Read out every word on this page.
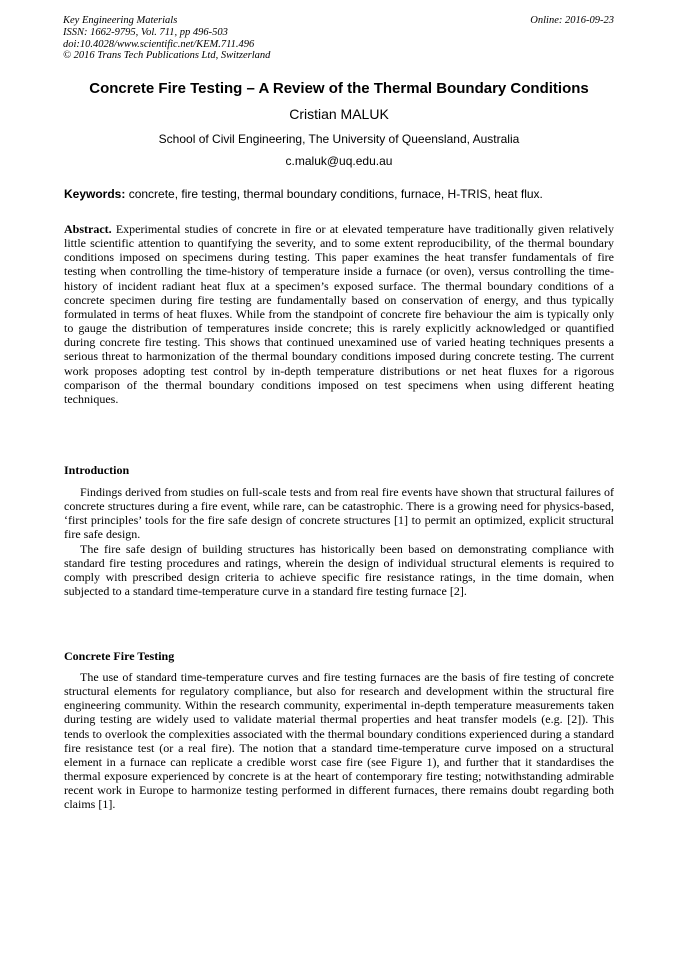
Key Engineering Materials
ISSN: 1662-9795, Vol. 711, pp 496-503
doi:10.4028/www.scientific.net/KEM.711.496
© 2016 Trans Tech Publications Ltd, Switzerland
Online: 2016-09-23
Concrete Fire Testing – A Review of the Thermal Boundary Conditions
Cristian MALUK
School of Civil Engineering, The University of Queensland, Australia
c.maluk@uq.edu.au
Keywords: concrete, fire testing, thermal boundary conditions, furnace, H-TRIS, heat flux.
Abstract. Experimental studies of concrete in fire or at elevated temperature have traditionally given relatively little scientific attention to quantifying the severity, and to some extent reproducibility, of the thermal boundary conditions imposed on specimens during testing. This paper examines the heat transfer fundamentals of fire testing when controlling the time-history of temperature inside a furnace (or oven), versus controlling the time-history of incident radiant heat flux at a specimen’s exposed surface. The thermal boundary conditions of a concrete specimen during fire testing are fundamentally based on conservation of energy, and thus typically formulated in terms of heat fluxes. While from the standpoint of concrete fire behaviour the aim is typically only to gauge the distribution of temperatures inside concrete; this is rarely explicitly acknowledged or quantified during concrete fire testing. This shows that continued unexamined use of varied heating techniques presents a serious threat to harmonization of the thermal boundary conditions imposed during concrete testing. The current work proposes adopting test control by in-depth temperature distributions or net heat fluxes for a rigorous comparison of the thermal boundary conditions imposed on test specimens when using different heating techniques.
Introduction

Findings derived from studies on full-scale tests and from real fire events have shown that structural failures of concrete structures during a fire event, while rare, can be catastrophic. There is a growing need for physics-based, ‘first principles’ tools for the fire safe design of concrete structures [1] to permit an optimized, explicit structural fire safe design.

The fire safe design of building structures has historically been based on demonstrating compliance with standard fire testing procedures and ratings, wherein the design of individual structural elements is required to comply with prescribed design criteria to achieve specific fire resistance ratings, in the time domain, when subjected to a standard time-temperature curve in a standard fire testing furnace [2].

Concrete Fire Testing

The use of standard time-temperature curves and fire testing furnaces are the basis of fire testing of concrete structural elements for regulatory compliance, but also for research and development within the structural fire engineering community. Within the research community, experimental in-depth temperature measurements taken during testing are widely used to validate material thermal properties and heat transfer models (e.g. [2]). This tends to overlook the complexities associated with the thermal boundary conditions experienced during a standard fire resistance test (or a real fire). The notion that a standard time-temperature curve imposed on a structural element in a furnace can replicate a credible worst case fire (see Figure 1), and further that it standardises the thermal exposure experienced by concrete is at the heart of contemporary fire testing; notwithstanding admirable recent work in Europe to harmonize testing performed in different furnaces, there remains doubt regarding both claims [1].
